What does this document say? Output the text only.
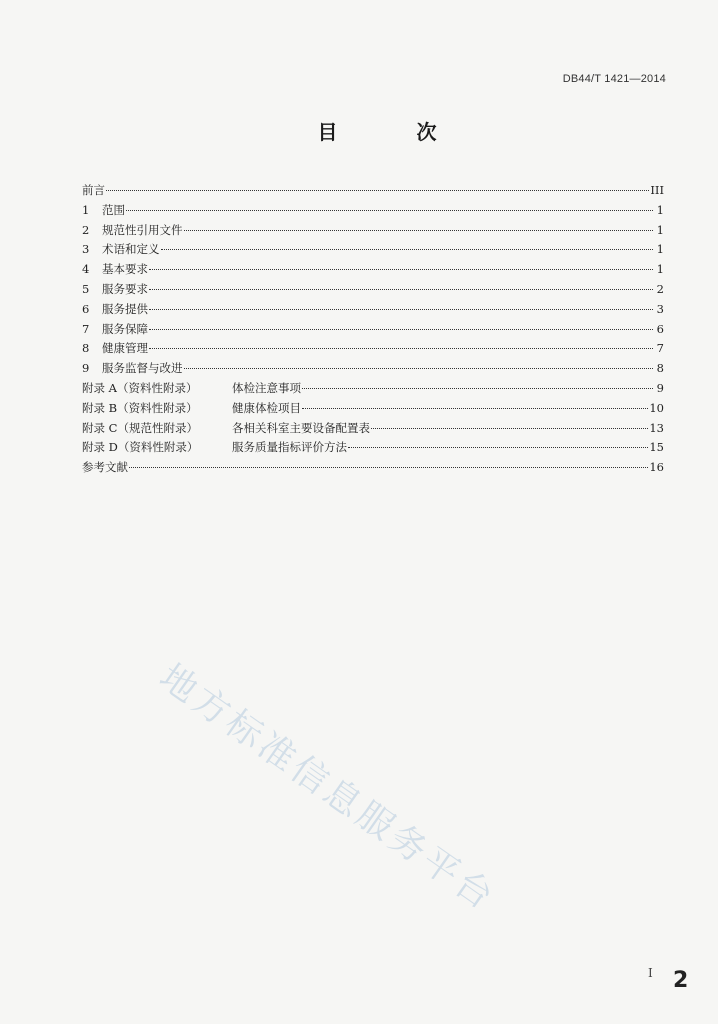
DB44/T 1421—2014
目 次
前言	III
1	范围	1
2	规范性引用文件	1
3	术语和定义	1
4	基本要求	1
5	服务要求	2
6	服务提供	3
7	服务保障	6
8	健康管理	7
9	服务监督与改进	8
附录 A（资料性附录）	体检注意事项	9
附录 B（资料性附录）	健康体检项目	10
附录 C（规范性附录）	各相关科室主要设备配置表	13
附录 D（资料性附录）	服务质量指标评价方法	15
参考文献	16
地方标准信息服务平台
I 2
